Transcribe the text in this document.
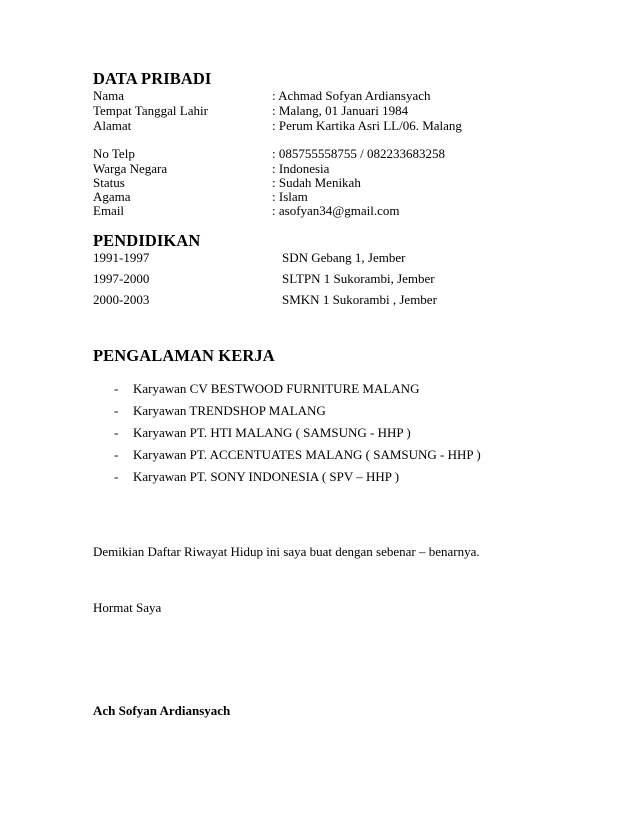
DATA PRIBADI
Nama	: Achmad Sofyan Ardiansyach
Tempat Tanggal Lahir	: Malang, 01 Januari 1984
Alamat	: Perum Kartika Asri LL/06. Malang
No Telp	: 085755558755 / 082233683258
Warga Negara	: Indonesia
Status	: Sudah Menikah
Agama	: Islam
Email	: asofyan34@gmail.com
PENDIDIKAN
1991-1997	SDN Gebang 1, Jember
1997-2000	SLTPN 1 Sukorambi, Jember
2000-2003	SMKN 1 Sukorambi , Jember
PENGALAMAN KERJA
- Karyawan CV BESTWOOD FURNITURE MALANG
- Karyawan TRENDSHOP MALANG
- Karyawan PT. HTI MALANG ( SAMSUNG - HHP )
- Karyawan PT. ACCENTUATES MALANG ( SAMSUNG - HHP )
- Karyawan PT. SONY INDONESIA ( SPV – HHP )
Demikian Daftar Riwayat Hidup ini saya buat dengan sebenar – benarnya.
Hormat Saya
Ach Sofyan Ardiansyach
